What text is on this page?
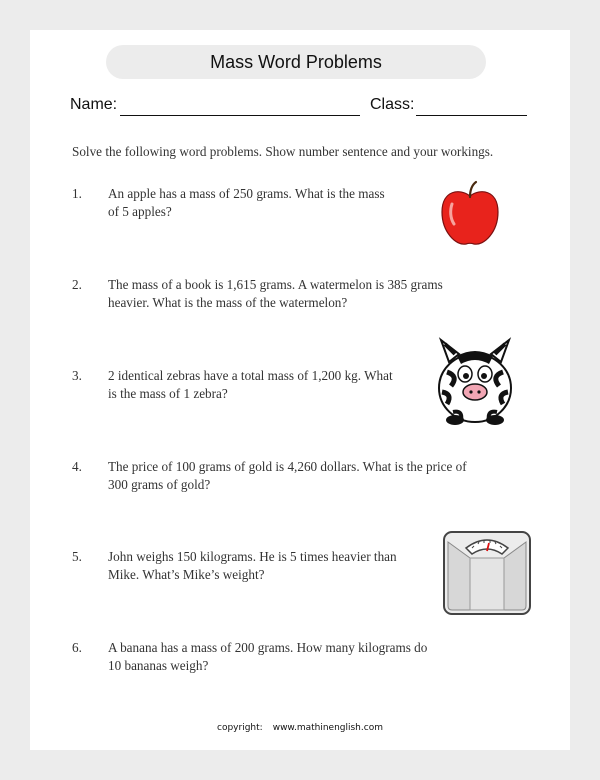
Mass Word Problems
Name:	Class:
Solve the following word problems. Show number sentence and your workings.
1.	An apple has a mass of 250 grams. What is the mass of 5 apples?
2.	The mass of a book is 1,615 grams. A watermelon is 385 grams heavier. What is the mass of the watermelon?
3.	2 identical zebras have a total mass of 1,200 kg. What is the mass of 1 zebra?
4.	The price of 100 grams of gold is 4,260 dollars. What is the price of 300 grams of gold?
5.	John weighs 150 kilograms. He is 5 times heavier than Mike. What’s Mike’s weight?
6.	A banana has a mass of 200 grams. How many kilograms do 10 bananas weigh?
copyright: www.mathinenglish.com
